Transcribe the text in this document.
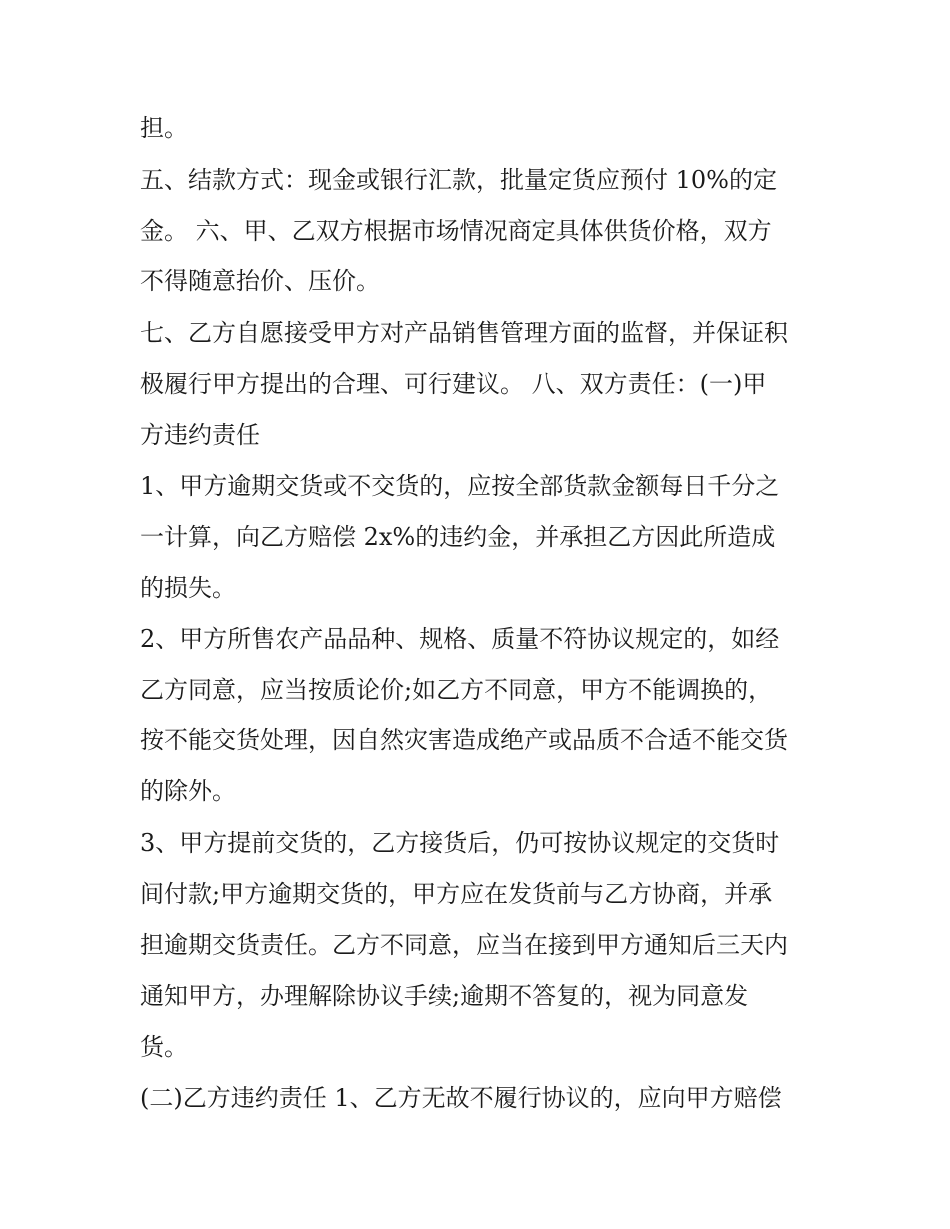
担。

五、结款方式：现金或银行汇款，批量定货应预付 10%的定

金。 六、甲、乙双方根据市场情况商定具体供货价格，双方

不得随意抬价、压价。

七、乙方自愿接受甲方对产品销售管理方面的监督，并保证积

极履行甲方提出的合理、可行建议。 八、双方责任：(一)甲

方违约责任

1、甲方逾期交货或不交货的，应按全部货款金额每日千分之

一计算，向乙方赔偿 2x%的违约金，并承担乙方因此所造成

的损失。

2、甲方所售农产品品种、规格、质量不符协议规定的，如经

乙方同意，应当按质论价;如乙方不同意，甲方不能调换的，

按不能交货处理，因自然灾害造成绝产或品质不合适不能交货

的除外。

3、甲方提前交货的，乙方接货后，仍可按协议规定的交货时

间付款;甲方逾期交货的，甲方应在发货前与乙方协商，并承

担逾期交货责任。乙方不同意，应当在接到甲方通知后三天内

通知甲方，办理解除协议手续;逾期不答复的，视为同意发

货。

(二)乙方违约责任 1、乙方无故不履行协议的，应向甲方赔偿
